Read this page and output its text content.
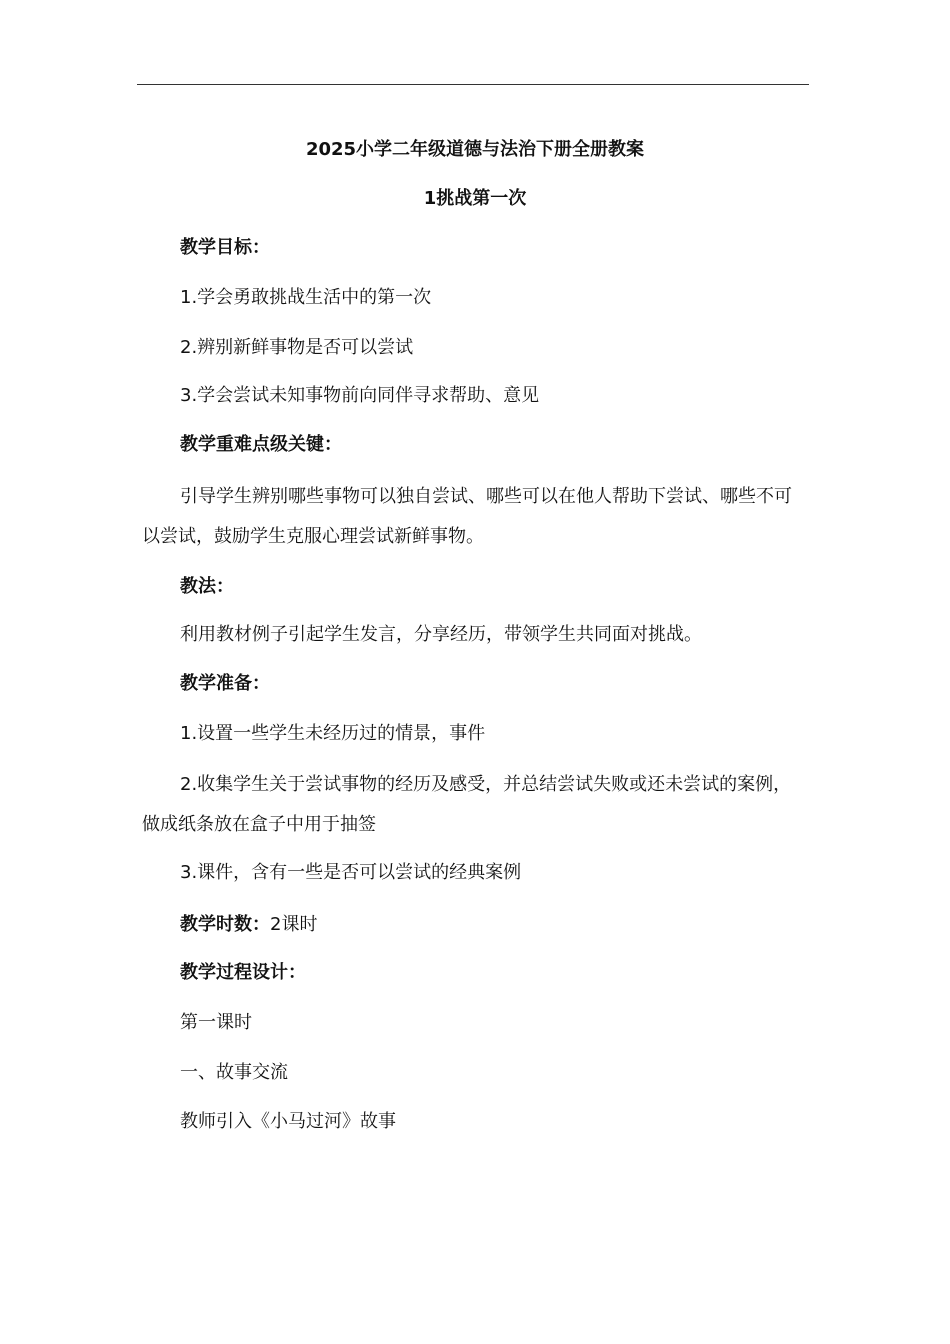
2025小学二年级道德与法治下册全册教案
1挑战第一次
教学目标：
1.学会勇敢挑战生活中的第一次
2.辨别新鲜事物是否可以尝试
3.学会尝试未知事物前向同伴寻求帮助、意见
教学重难点级关键：
引导学生辨别哪些事物可以独自尝试、哪些可以在他人帮助下尝试、哪些不可以尝试，鼓励学生克服心理尝试新鲜事物。
教法：
利用教材例子引起学生发言，分享经历，带领学生共同面对挑战。
教学准备：
1.设置一些学生未经历过的情景，事件
2.收集学生关于尝试事物的经历及感受，并总结尝试失败或还未尝试的案例，做成纸条放在盒子中用于抽签
3.课件，含有一些是否可以尝试的经典案例
教学时数：2课时
教学过程设计：
第一课时
一、故事交流
教师引入《小马过河》故事
